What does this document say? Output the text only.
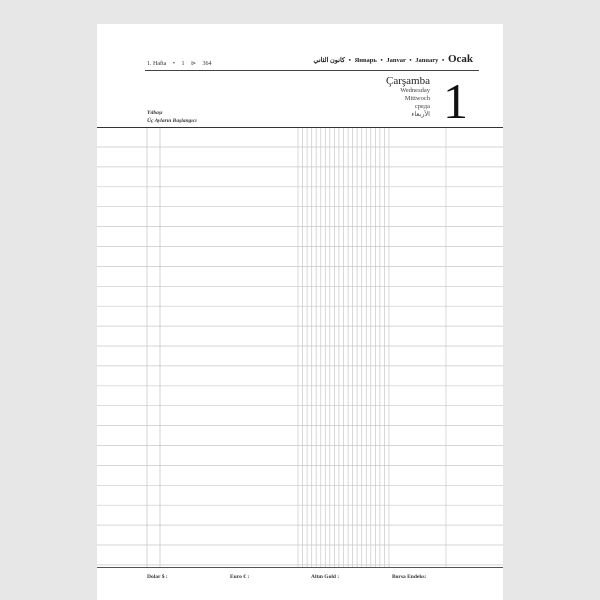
1. Hafta • 1 ⊳ 364	كانون الثاني • Январь • Janvar • January • Ocak
Çarşamba
Wednesday
Mittwoch
среда
الأربعاء 1
Yılbaşı
Üç Ayların Başlangıcı
Dolar $ :	Euro € :	Altın Gold :	Borsa Endeks:
